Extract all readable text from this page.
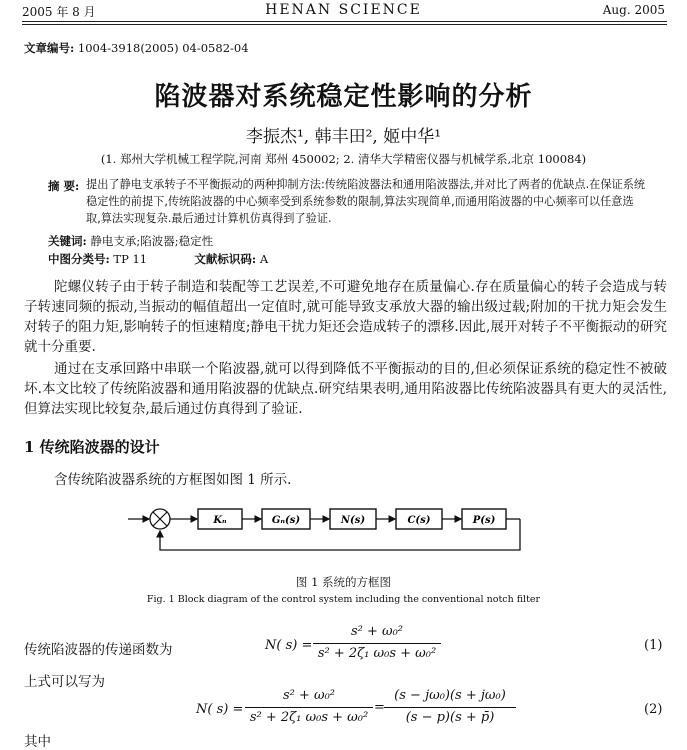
2005 年 8 月	HENAN SCIENCE	Aug. 2005
文章编号: 1004-3918(2005) 04-0582-04
陷波器对系统稳定性影响的分析
李振杰¹, 韩丰田², 姬中华¹
(1. 郑州大学机械工程学院,河南 郑州 450002; 2. 清华大学精密仪器与机械学系,北京 100084)
摘 要: 提出了静电支承转子不平衡振动的两种抑制方法:传统陷波器法和通用陷波器法,并对比了两者的优缺点.在保证系统稳定性的前提下,传统陷波器的中心频率受到系统参数的限制,算法实现简单,而通用陷波器的中心频率可以任意选取,算法实现复杂.最后通过计算机仿真得到了验证.
关键词: 静电支承;陷波器;稳定性
中图分类号: TP 11	文献标识码: A
陀螺仪转子由于转子制造和装配等工艺误差,不可避免地存在质量偏心.存在质量偏心的转子会造成与转子转速同频的振动,当振动的幅值超出一定值时,就可能导致支承放大器的输出级过载;附加的干扰力矩会发生对转子的阻力矩,影响转子的恒速精度;静电干扰力矩还会造成转子的漂移.因此,展开对转子不平衡振动的研究就十分重要.
通过在支承回路中串联一个陷波器,就可以得到降低不平衡振动的目的,但必须保证系统的稳定性不被破坏.本文比较了传统陷波器和通用陷波器的优缺点.研究结果表明,通用陷波器比传统陷波器具有更大的灵活性,但算法实现比较复杂,最后通过仿真得到了验证.
1 传统陷波器的设计
含传统陷波器系统的方框图如图 1 所示.
Kₙ	Gₙ(s)	N(s)	C(s)	P(s)
图 1 系统的方框图
Fig. 1 Block diagram of the control system including the conventional notch filter
传统陷波器的传递函数为	N( s) =
s² + ω₀²
s² + 2ζ₁ ω₀s + ω₀²
(1)
上式可以写为
N( s) =
s² + ω₀²
s² + 2ζ₁ ω₀s + ω₀²
=
(s − jω₀)(s + jω₀)
(s − p)(s + p̄)
(2)
其中
